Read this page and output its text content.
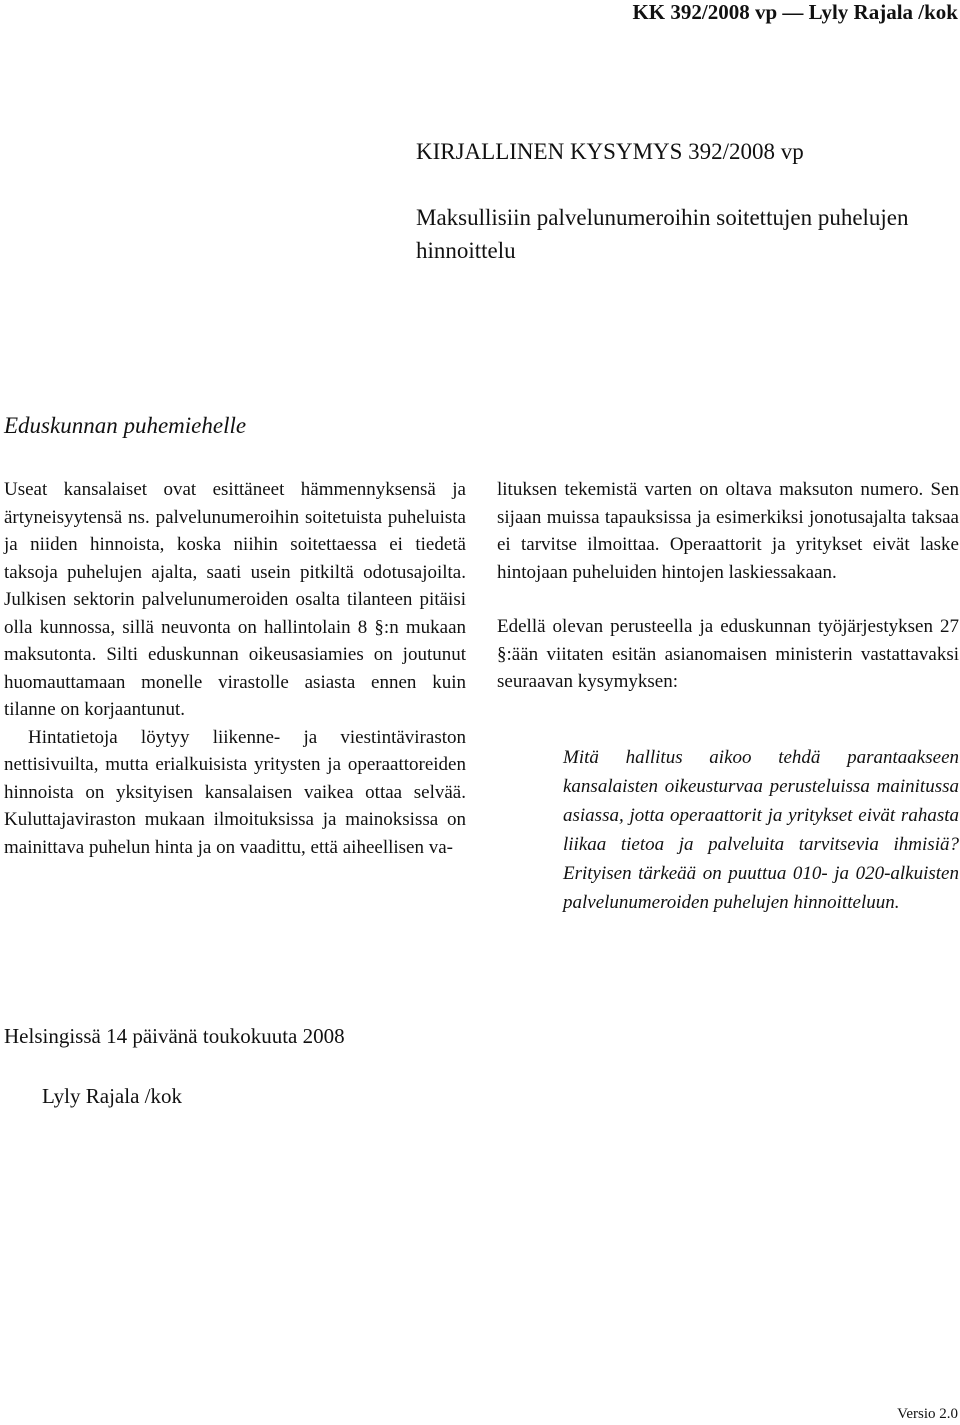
KK 392/2008 vp — Lyly Rajala /kok
KIRJALLINEN KYSYMYS 392/2008 vp
Maksullisiin palvelunumeroihin soitettujen puhelujen hinnoittelu
Eduskunnan puhemiehelle

Useat kansalaiset ovat esittäneet hämmennyksensä ja ärtyneisyytensä ns. palvelunumeroihin soitetuista puheluista ja niiden hinnoista, koska niihin soitettaessa ei tiedetä taksoja puhelujen ajalta, saati usein pitkiltä odotusajoilta. Julkisen sektorin palvelunumeroiden osalta tilanteen pitäisi olla kunnossa, sillä neuvonta on hallintolain 8 §:n mukaan maksutonta. Silti eduskunnan oikeusasiamies on joutunut huomauttamaan monelle virastolle asiasta ennen kuin tilanne on korjaantunut.

Hintatietoja löytyy liikenne- ja viestintäviraston nettisivuilta, mutta erialkuisista yritysten ja operaattoreiden hinnoista on yksityisen kansalaisen vaikea ottaa selvää. Kuluttajaviraston mukaan ilmoituksissa ja mainoksissa on mainittava puhelun hinta ja on vaadittu, että aiheellisen va-

lituksen tekemistä varten on oltava maksuton numero. Sen sijaan muissa tapauksissa ja esimerkiksi jonotusajalta taksaa ei tarvitse ilmoittaa. Operaattorit ja yritykset eivät laske hintojaan puheluiden hintojen laskiessakaan.

Edellä olevan perusteella ja eduskunnan työjärjestyksen 27 §:ään viitaten esitän asianomaisen ministerin vastattavaksi seuraavan kysymyksen:

Mitä hallitus aikoo tehdä parantaakseen kansalaisten oikeusturvaa perusteluissa mainitussa asiassa, jotta operaattorit ja yritykset eivät rahasta liikaa tietoa ja palveluita tarvitsevia ihmisiä? Erityisen tärkeää on puuttua 010- ja 020-alkuisten palvelunumeroiden puhelujen hinnoitteluun.

Helsingissä 14 päivänä toukokuuta 2008
Lyly Rajala /kok
Versio 2.0
